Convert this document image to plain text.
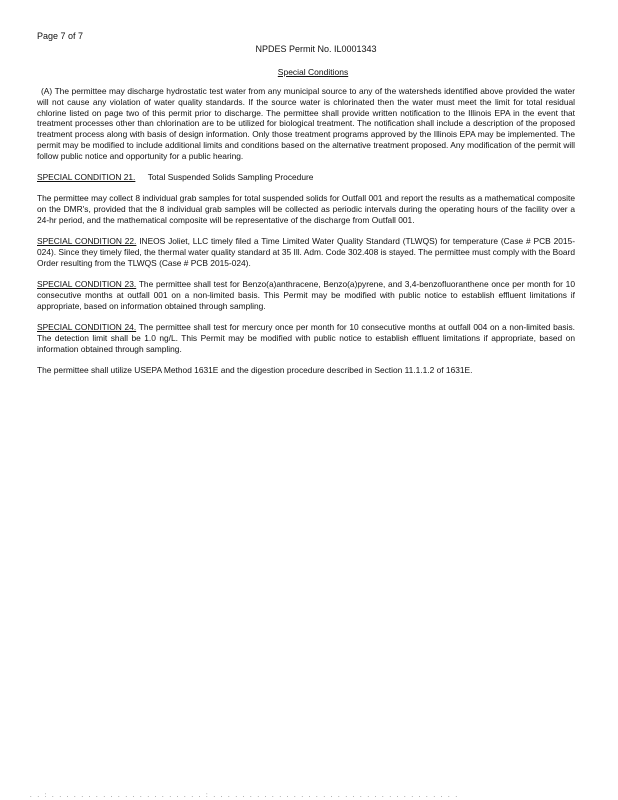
Page 7 of 7
NPDES Permit No. IL0001343
Special Conditions

(A) The permittee may discharge hydrostatic test water from any municipal source to any of the watersheds identified above provided the water will not cause any violation of water quality standards. If the source water is chlorinated then the water must meet the limit for total residual chlorine listed on page two of this permit prior to discharge. The permittee shall provide written notification to the Illinois EPA in the event that treatment processes other than chlorination are to be utilized for biological treatment. The notification shall include a description of the proposed treatment process along with basis of design information. Only those treatment programs approved by the Illinois EPA may be implemented. The permit may be modified to include additional limits and conditions based on the alternative treatment proposed. Any modification of the permit will follow public notice and opportunity for a public hearing.

SPECIAL CONDITION 21. Total Suspended Solids Sampling Procedure

The permittee may collect 8 individual grab samples for total suspended solids for Outfall 001 and report the results as a mathematical composite on the DMR's, provided that the 8 individual grab samples will be collected as periodic intervals during the operating hours of the facility over a 24-hr period, and the mathematical composite will be representative of the discharge from Outfall 001.

SPECIAL CONDITION 22. INEOS Joliet, LLC timely filed a Time Limited Water Quality Standard (TLWQS) for temperature (Case # PCB 2015-024). Since they timely filed, the thermal water quality standard at 35 Ill. Adm. Code 302.408 is stayed. The permittee must comply with the Board Order resulting from the TLWQS (Case # PCB 2015-024).

SPECIAL CONDITION 23. The permittee shall test for Benzo(a)anthracene, Benzo(a)pyrene, and 3,4-benzofluoranthene once per month for 10 consecutive months at outfall 001 on a non-limited basis. This Permit may be modified with public notice to establish effluent limitations if appropriate, based on information obtained through sampling.

SPECIAL CONDITION 24. The permittee shall test for mercury once per month for 10 consecutive months at outfall 004 on a non-limited basis. The detection limit shall be 1.0 ng/L. This Permit may be modified with public notice to establish effluent limitations if appropriate, based on information obtained through sampling.

The permittee shall utilize USEPA Method 1631E and the digestion procedure described in Section 11.1.1.2 of 1631E.

. . : . . . . . . . . . . . . . . . . . . . . . : . . . . . . . . . . . . . . . . . . . . . . . . . . . . . . . . . .
